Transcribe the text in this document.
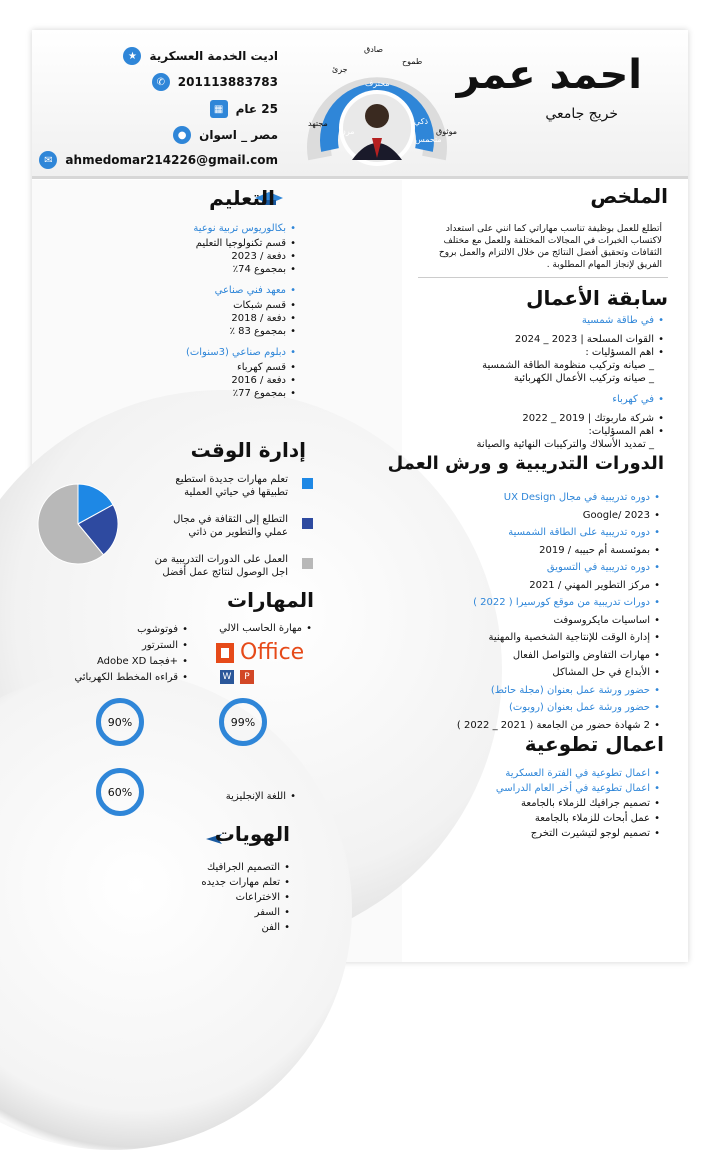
احمد عمر
خريج جامعي
صادق
طموح
جرئ
محترف
مجتهد
مرن
ذكي
متحمس
موثوق
★	اديت الخدمة العسكرية
✆	201113883783
▦	25 عام
●	مصر _ اسوان
✉	ahmedomar214226@gmail.com
الملخص
أتطلع للعمل بوظيفة تناسب مهاراتي كما انني على استعداد لاكتساب الخبرات في المجالات المختلفة وللعمل مع مختلف الثقافات وتحقيق أفضل النتائج من خلال الالتزام والعمل بروح الفريق لإنجاز المهام المطلوبة .
سابقة الأعمال
• في طاقة شمسية
• القوات المسلحة | 2023 _ 2024
• اهم المسؤليات :
_ صيانه وتركيب منظومة الطاقة الشمسية
_ صيانه وتركيب الأعمال الكهربائية
• في كهرباء
• شركة ماربوتك | 2019 _ 2022
• اهم المسؤليات:
_ تمديد الأسلاك والتركيبات النهائية والصيانة
الدورات التدريبية و ورش العمل
• دوره تدريبية في مجال UX Design
• 2023 /Google
• دوره تدريبية على الطاقة الشمسية
• بموئسسة أم حبيبه / 2019
• دوره تدريبية في التسويق
• مركز التطوير المهني / 2021
• دورات تدريبية من موقع كورسيرا ( 2022 )
• اساسيات مايكروسوفت
• إدارة الوقت للإنتاجية الشخصية والمهنية
• مهارات التفاوض والتواصل الفعال
• الأبداع في حل المشاكل
• حضور ورشة عمل بعنوان (مجلة حائط)
• حضور ورشة عمل بعنوان (روبوت)
• 2 شهادة حضور من الجامعة ( 2021 _ 2022 )
اعمال تطوعية
• اعمال تطوعية في الفترة العسكرية
• اعمال تطوعية في أخر العام الدراسي
• تصميم جرافيك للزملاء بالجامعة
• عمل أبحاث للزملاء بالجامعة
• تصميم لوجو لتيشيرت التخرج
التعليم
• بكالوريوس تربية نوعية
• قسم تكنولوجيا التعليم
• دفعة / 2023
• بمجموع 74٪
• معهد فني صناعي
• قسم شبكات
• دفعة / 2018
• بمجموع 83 ٪
• دبلوم صناعي (3سنوات)
• قسم كهرباء
• دفعة / 2016
• بمجموع 77٪
إدارة الوقت
تعلم مهارات جديدة استطيع تطبيقها في حياتي العملية
التطلع إلى الثقافة في مجال عملي والتطوير من ذاتي
العمل على الدورات التدريبية من اجل الوصول لنتائج عمل أفضل
المهارات
• مهارة الحاسب الالي
Office
W	P
• فوتوشوب
• السترتور
• +فجما Adobe XD
• قراءه المخطط الكهربائي
99%
90%
60%
•	اللغة الإنجليزية
الهويات
• التصميم الجرافيك
• تعلم مهارات جديده
• الاختراعات
• السفر
• الفن
